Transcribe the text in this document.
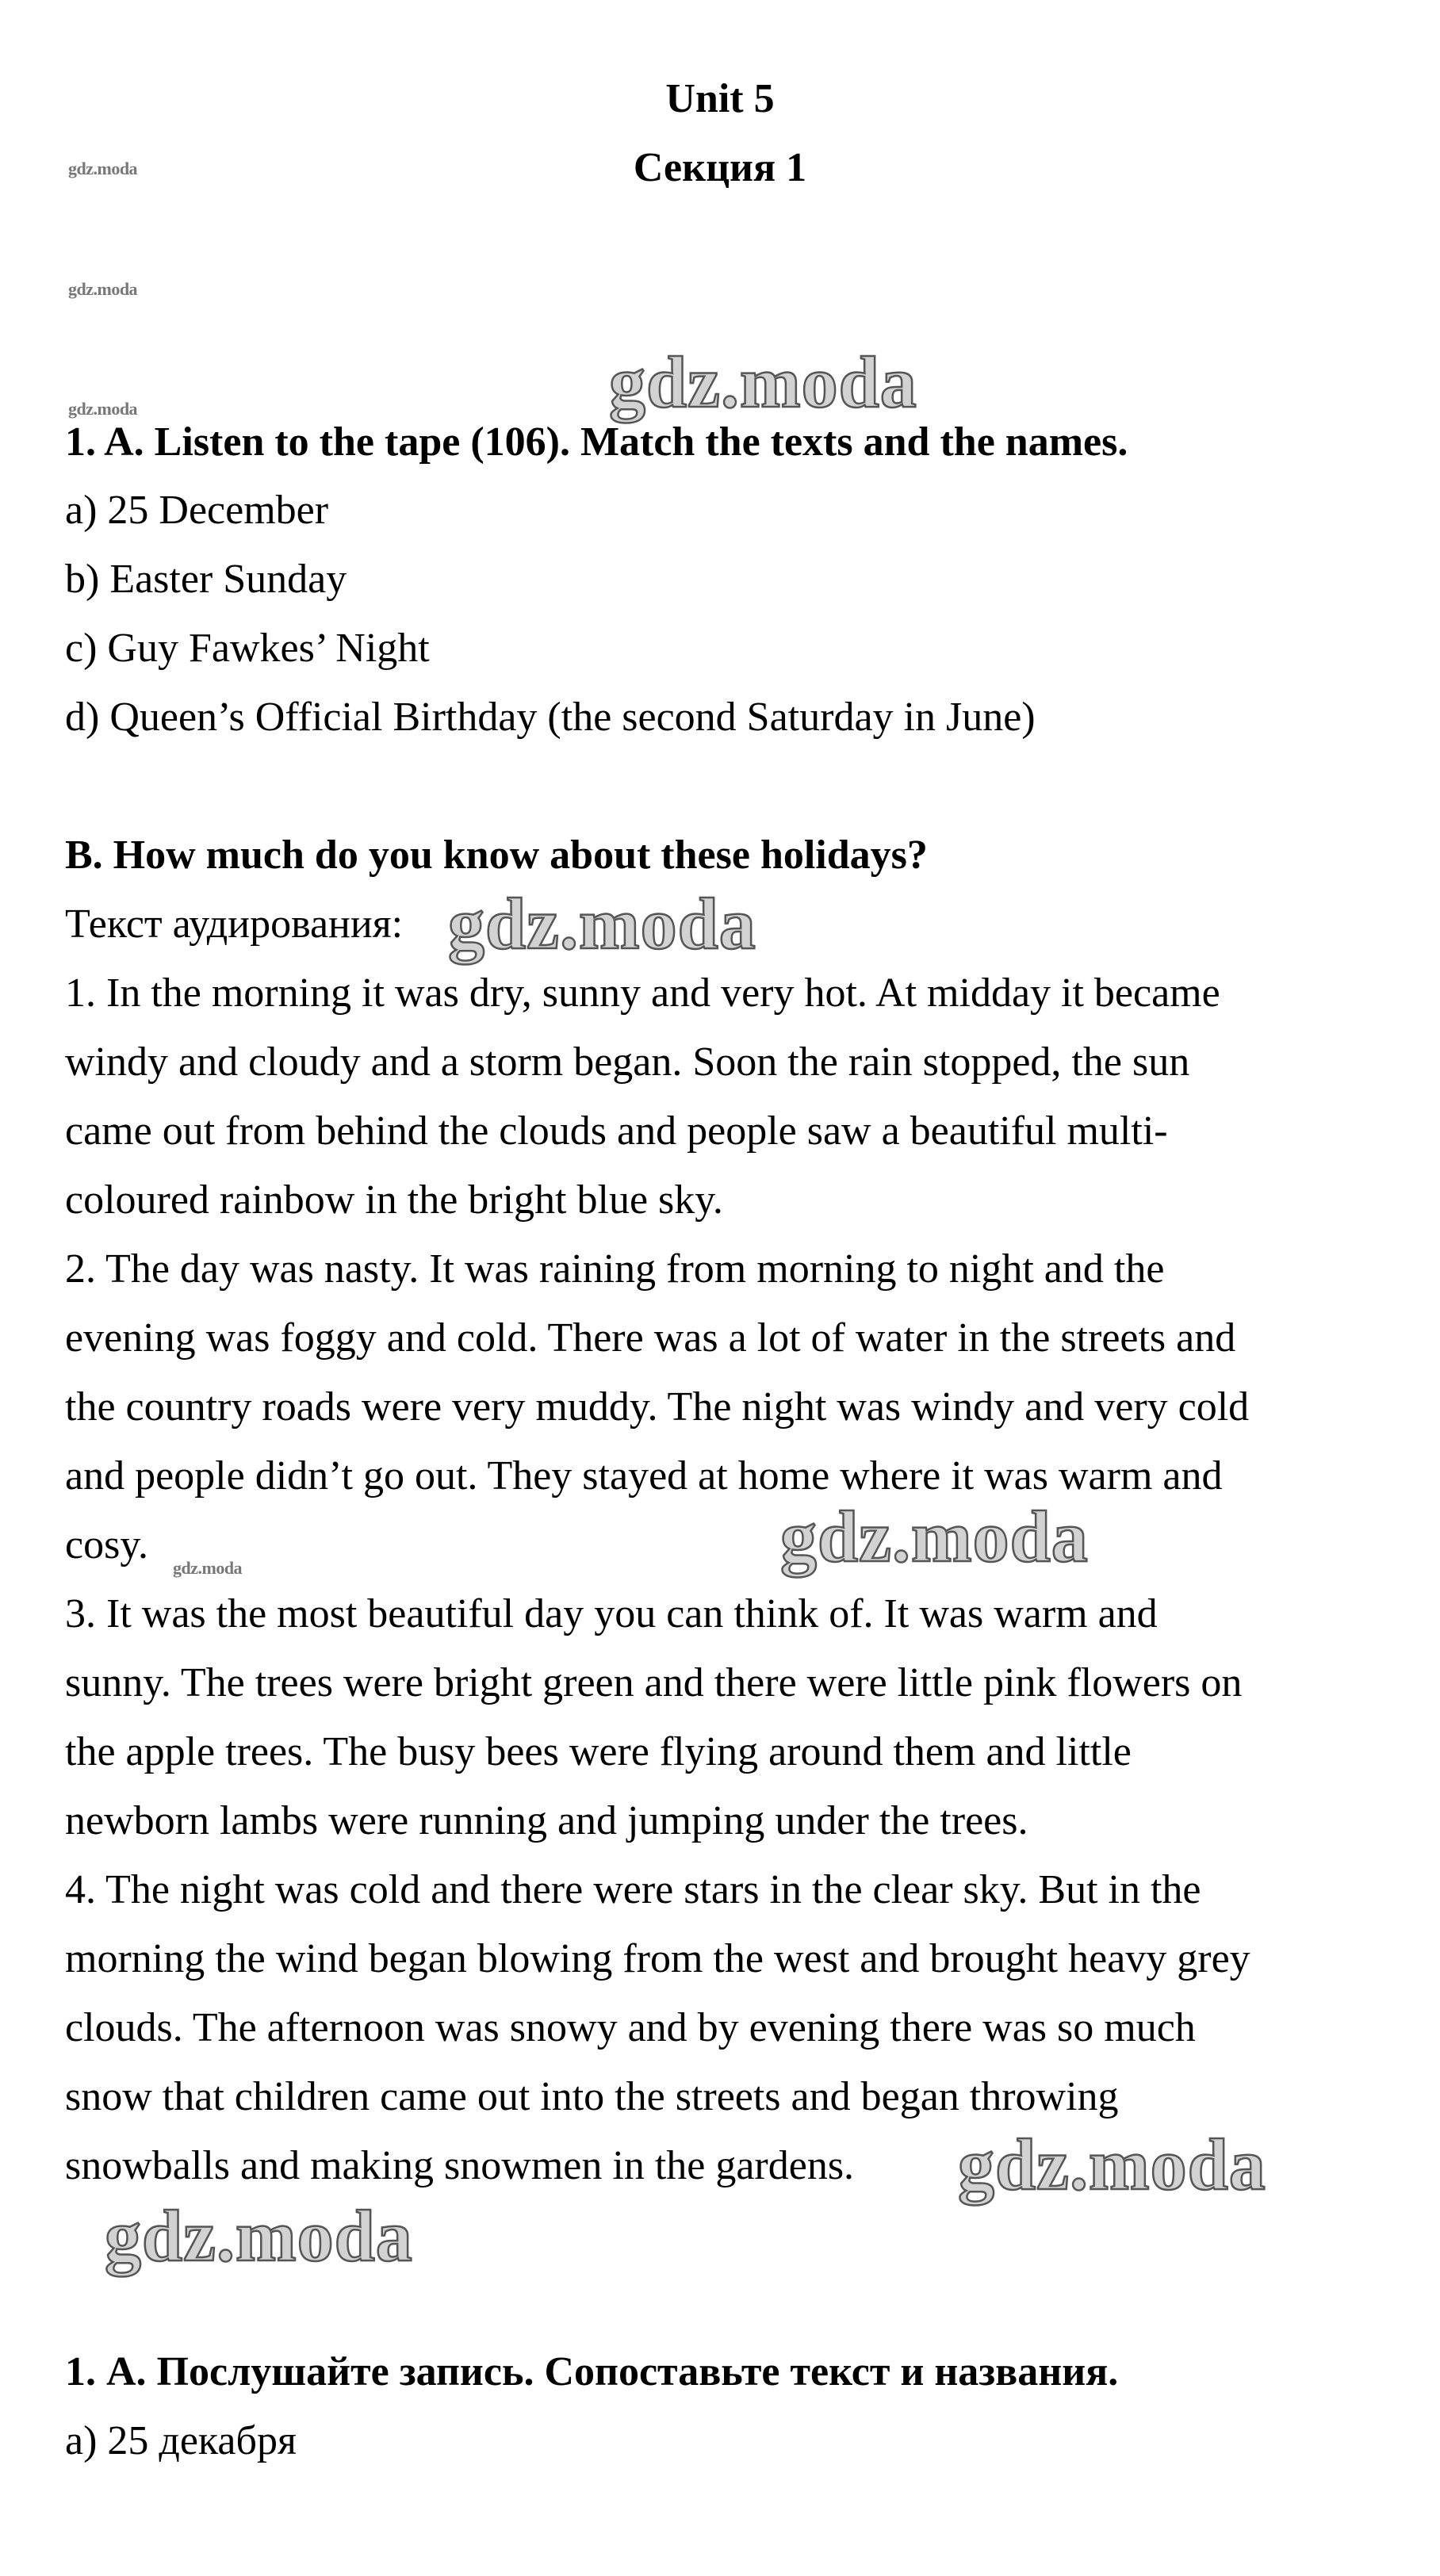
Unit 5
Секция 1
gdz.moda
gdz.moda
gdz.moda	gdz.moda

1. A. Listen to the tape (106). Match the texts and the names.

a) 25 December

b) Easter Sunday

c) Guy Fawkes’ Night

d) Queen’s Official Birthday (the second Saturday in June)

B. How much do you know about these holidays?

Текст аудирования: gdz.moda

1. In the morning it was dry, sunny and very hot. At midday it became

windy and cloudy and a storm began. Soon the rain stopped, the sun

came out from behind the clouds and people saw a beautiful multi-

coloured rainbow in the bright blue sky.

2. The day was nasty. It was raining from morning to night and the

evening was foggy and cold. There was a lot of water in the streets and

the country roads were very muddy. The night was windy and very cold

and people didn’t go out. They stayed at home where it was warm and

cosy.

gdz.moda	gdz.moda

3. It was the most beautiful day you can think of. It was warm and

sunny. The trees were bright green and there were little pink flowers on

the apple trees. The busy bees were flying around them and little

newborn lambs were running and jumping under the trees.

4. The night was cold and there were stars in the clear sky. But in the

morning the wind began blowing from the west and brought heavy grey

clouds. The afternoon was snowy and by evening there was so much

snow that children came out into the streets and began throwing

snowballs and making snowmen in the gardens. gdz.moda
gdz.moda

1. А. Послушайте запись. Сопоставьте текст и названия.

а) 25 декабря
